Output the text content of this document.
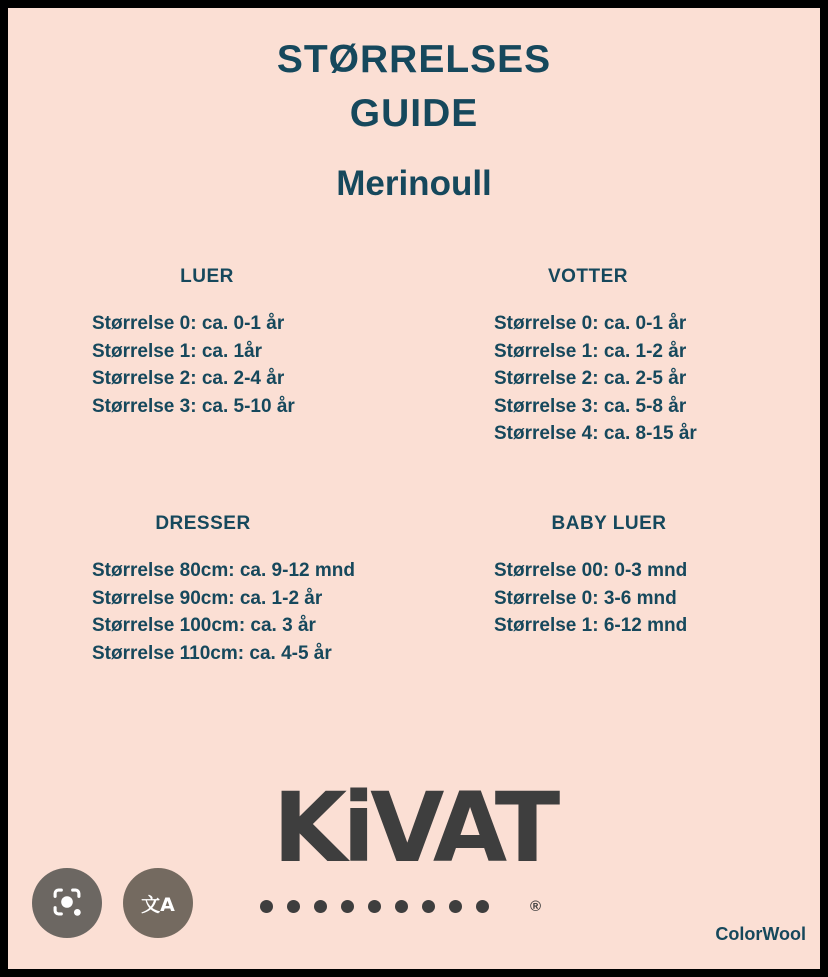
STØRRELSES
GUIDE
Merinoull
LUER

Størrelse 0: ca. 0-1 år

Størrelse 1: ca. 1år

Størrelse 2: ca. 2-4 år

Størrelse 3: ca. 5-10 år

VOTTER

Størrelse 0: ca. 0-1 år

Størrelse 1: ca. 1-2 år

Størrelse 2: ca. 2-5 år

Størrelse 3: ca. 5-8 år

Størrelse 4: ca. 8-15 år

DRESSER

Størrelse 80cm: ca. 9-12 mnd

Størrelse 90cm: ca. 1-2 år

Størrelse 100cm: ca. 3 år

Størrelse 110cm: ca. 4-5 år

BABY LUER

Størrelse 00: 0-3 mnd

Størrelse 0: 3-6 mnd

Størrelse 1: 6-12 mnd

KiVAT
®
文A
ColorWool
